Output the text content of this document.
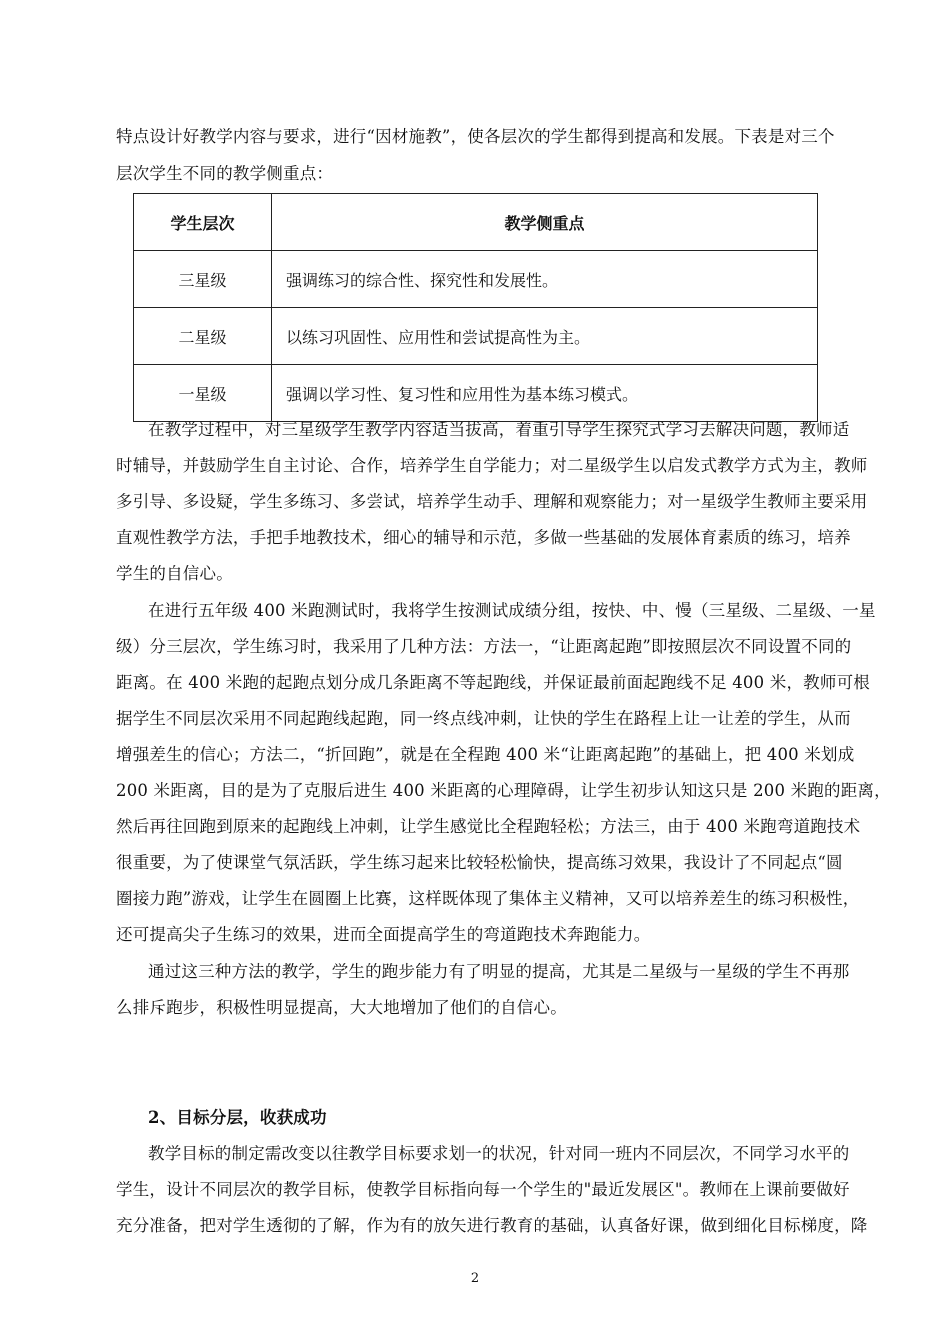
特点设计好教学内容与要求，进行“因材施教”，使各层次的学生都得到提高和发展。下表是对三个
层次学生不同的教学侧重点：
学生层次	教学侧重点
三星级	强调练习的综合性、探究性和发展性。
二星级	以练习巩固性、应用性和尝试提高性为主。
一星级	强调以学习性、复习性和应用性为基本练习模式。
在教学过程中，对三星级学生教学内容适当拔高，着重引导学生探究式学习去解决问题，教师适
时辅导，并鼓励学生自主讨论、合作，培养学生自学能力；对二星级学生以启发式教学方式为主，教师
多引导、多设疑，学生多练习、多尝试，培养学生动手、理解和观察能力；对一星级学生教师主要采用
直观性教学方法，手把手地教技术，细心的辅导和示范，多做一些基础的发展体育素质的练习，培养
学生的自信心。
在进行五年级 400 米跑测试时，我将学生按测试成绩分组，按快、中、慢（三星级、二星级、一星
级）分三层次，学生练习时，我采用了几种方法：方法一，“让距离起跑”即按照层次不同设置不同的
距离。在 400 米跑的起跑点划分成几条距离不等起跑线，并保证最前面起跑线不足 400 米，教师可根
据学生不同层次采用不同起跑线起跑，同一终点线冲刺，让快的学生在路程上让一让差的学生，从而
增强差生的信心；方法二，“折回跑”，就是在全程跑 400 米“让距离起跑”的基础上，把 400 米划成
200 米距离，目的是为了克服后进生 400 米距离的心理障碍，让学生初步认知这只是 200 米跑的距离，
然后再往回跑到原来的起跑线上冲刺，让学生感觉比全程跑轻松；方法三，由于 400 米跑弯道跑技术
很重要，为了使课堂气氛活跃，学生练习起来比较轻松愉快，提高练习效果，我设计了不同起点“圆
圈接力跑”游戏，让学生在圆圈上比赛，这样既体现了集体主义精神，又可以培养差生的练习积极性，
还可提高尖子生练习的效果，进而全面提高学生的弯道跑技术奔跑能力。
通过这三种方法的教学，学生的跑步能力有了明显的提高，尤其是二星级与一星级的学生不再那
么排斥跑步，积极性明显提高，大大地增加了他们的自信心。
2、目标分层，收获成功
教学目标的制定需改变以往教学目标要求划一的状况，针对同一班内不同层次，不同学习水平的
学生，设计不同层次的教学目标，使教学目标指向每一个学生的"最近发展区"。教师在上课前要做好
充分准备，把对学生透彻的了解，作为有的放矢进行教育的基础，认真备好课，做到细化目标梯度，降
2
